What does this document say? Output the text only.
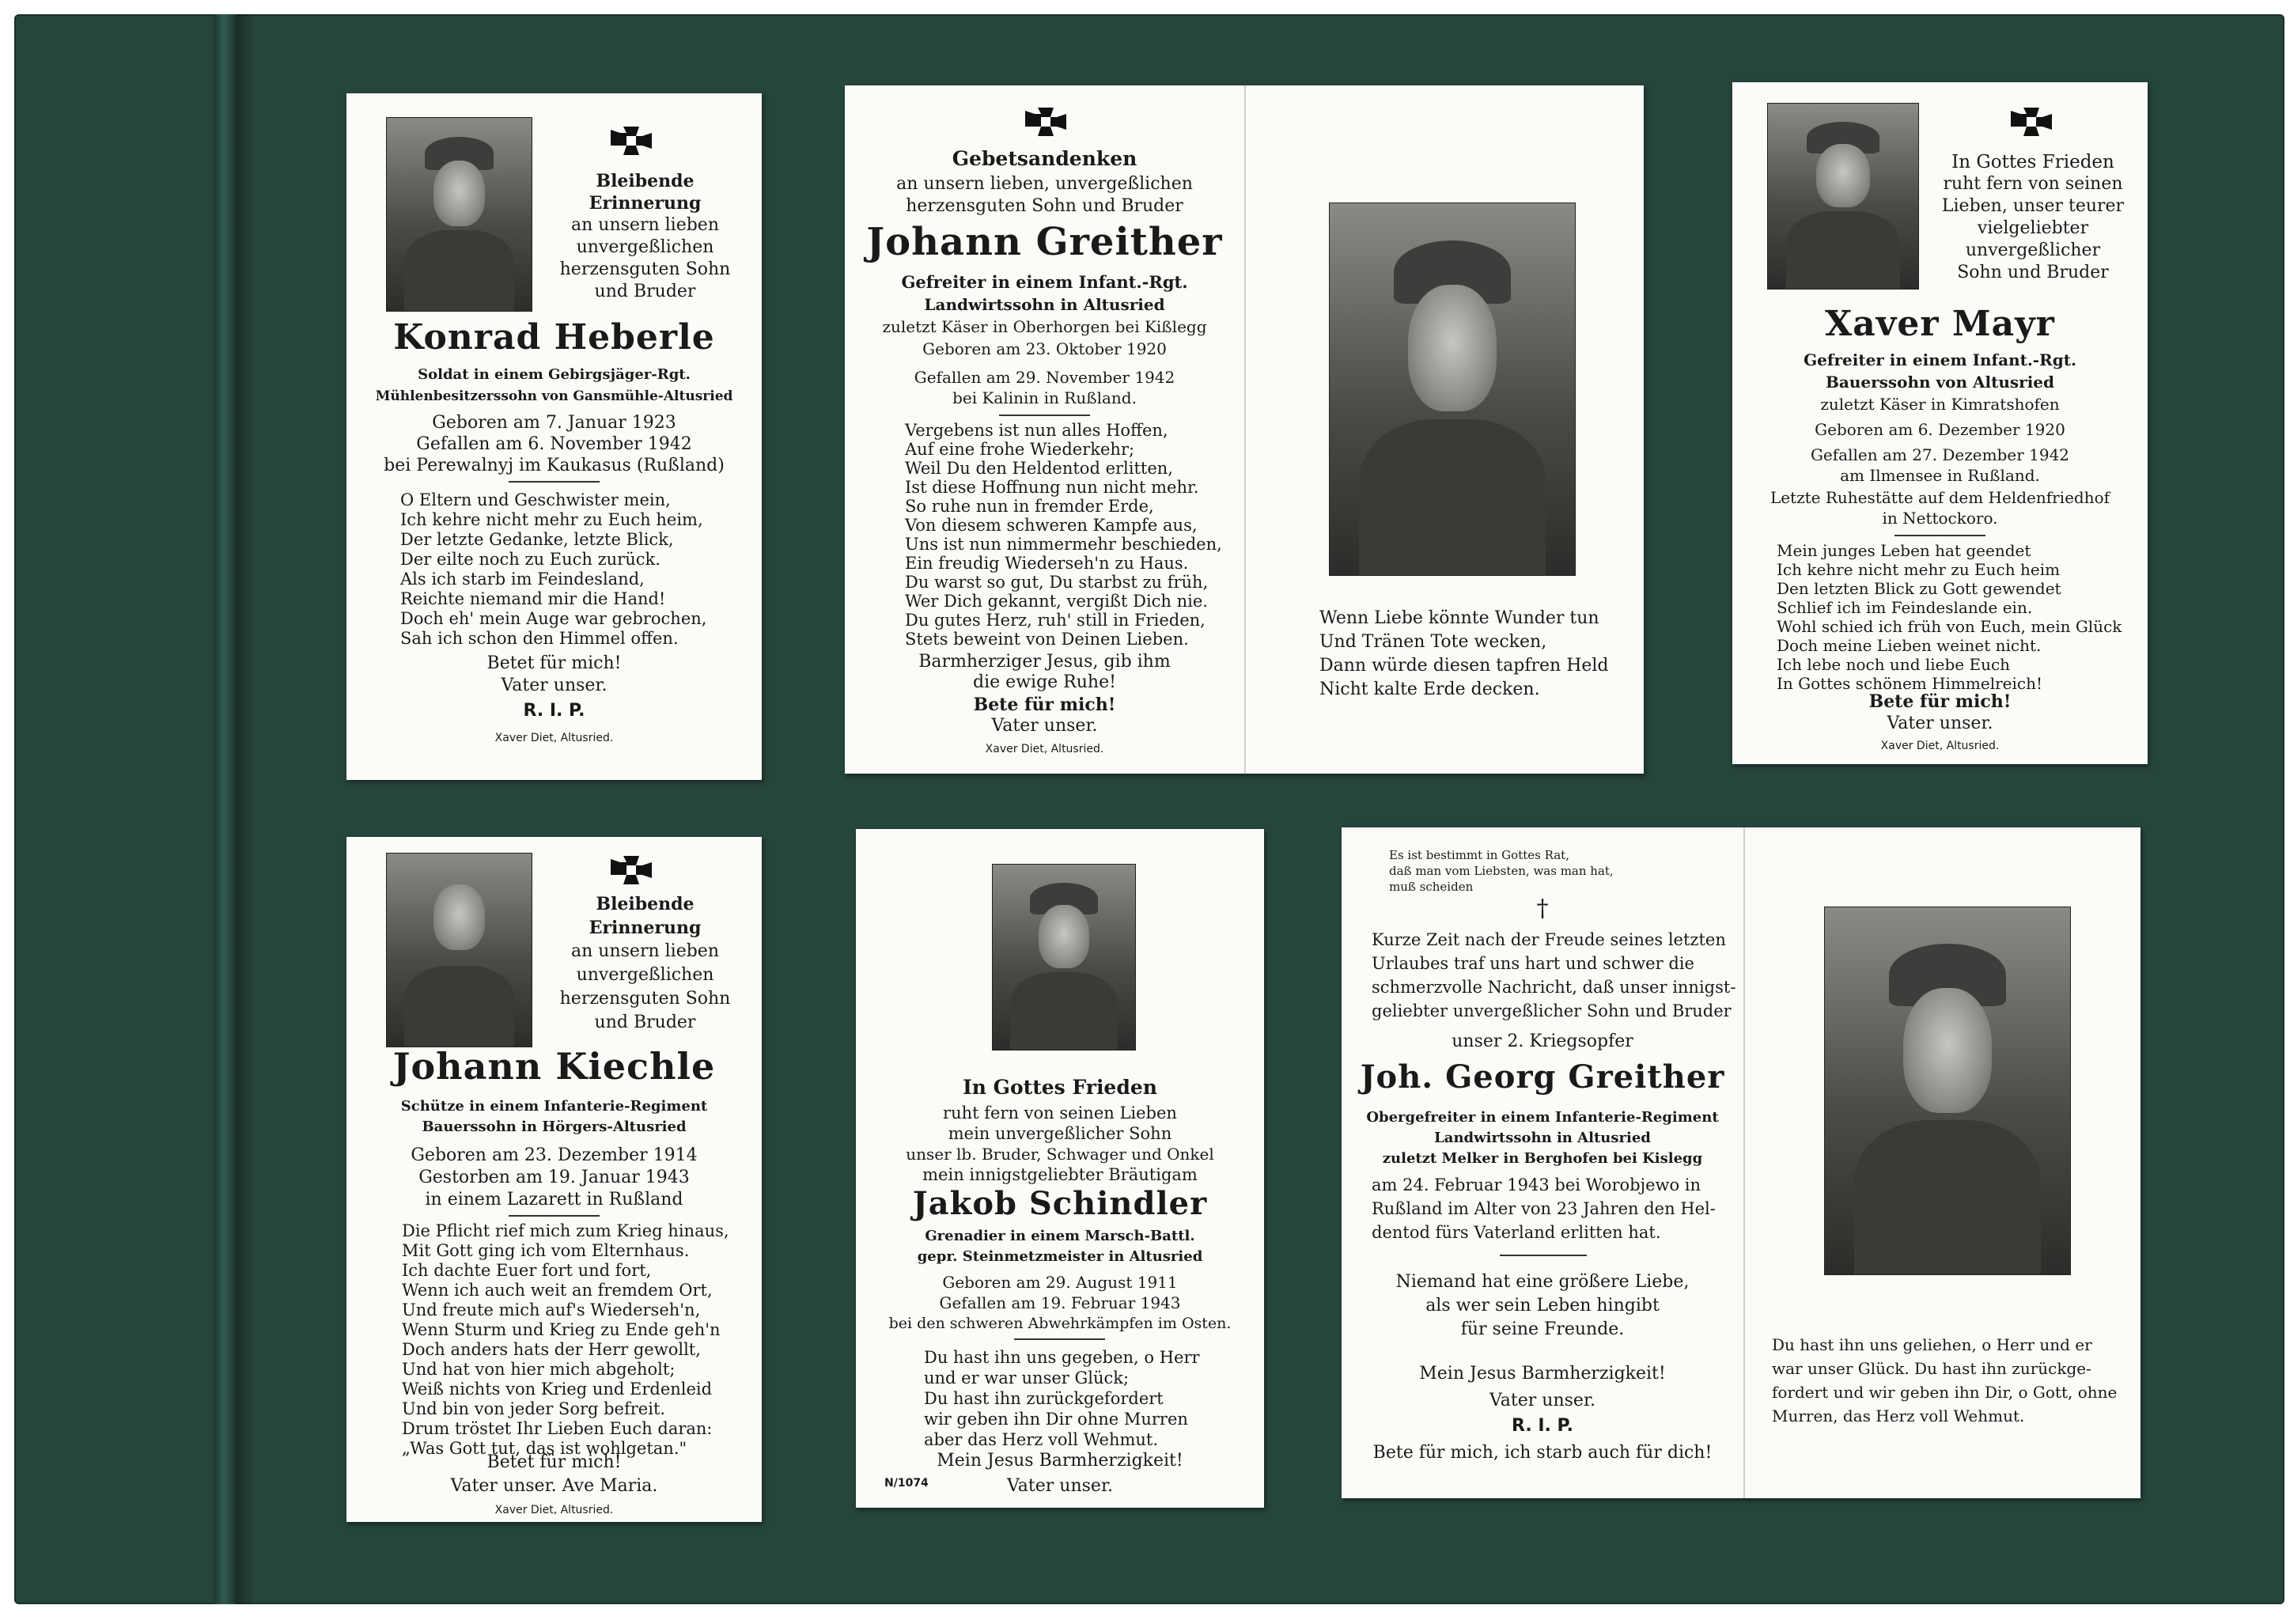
Bleibende
Erinnerung
an unsern lieben
unvergeßlichen
herzensguten Sohn
und Bruder
Konrad Heberle
Soldat in einem Gebirgsjäger-Rgt.
Mühlenbesitzerssohn von Gansmühle-Altusried
Geboren am 7. Januar 1923
Gefallen am 6. November 1942
bei Perewalnyj im Kaukasus (Rußland)
O Eltern und Geschwister mein,
Ich kehre nicht mehr zu Euch heim,
Der letzte Gedanke, letzte Blick,
Der eilte noch zu Euch zurück.
Als ich starb im Feindesland,
Reichte niemand mir die Hand!
Doch eh' mein Auge war gebrochen,
Sah ich schon den Himmel offen.
Betet für mich!
Vater unser.
R. I. P.
Xaver Diet, Altusried.
Gebetsandenken
an unsern lieben, unvergeßlichen
herzensguten Sohn und Bruder
Johann Greither
Gefreiter in einem Infant.-Rgt.
Landwirtssohn in Altusried
zuletzt Käser in Oberhorgen bei Kißlegg
Geboren am 23. Oktober 1920
Gefallen am 29. November 1942
bei Kalinin in Rußland.
Vergebens ist nun alles Hoffen,
Auf eine frohe Wiederkehr;
Weil Du den Heldentod erlitten,
Ist diese Hoffnung nun nicht mehr.
So ruhe nun in fremder Erde,
Von diesem schweren Kampfe aus,
Uns ist nun nimmermehr beschieden,
Ein freudig Wiederseh'n zu Haus.
Du warst so gut, Du starbst zu früh,
Wer Dich gekannt, vergißt Dich nie.
Du gutes Herz, ruh' still in Frieden,
Stets beweint von Deinen Lieben.
Barmherziger Jesus, gib ihm
die ewige Ruhe!
Bete für mich!
Vater unser.
Xaver Diet, Altusried.
Wenn Liebe könnte Wunder tun
Und Tränen Tote wecken,
Dann würde diesen tapfren Held
Nicht kalte Erde decken.
In Gottes Frieden
ruht fern von seinen
Lieben, unser teurer
vielgeliebter
unvergeßlicher
Sohn und Bruder
Xaver Mayr
Gefreiter in einem Infant.-Rgt.
Bauerssohn von Altusried
zuletzt Käser in Kimratshofen
Geboren am 6. Dezember 1920
Gefallen am 27. Dezember 1942
am Ilmensee in Rußland.
Letzte Ruhestätte auf dem Heldenfriedhof
in Nettockoro.
Mein junges Leben hat geendet
Ich kehre nicht mehr zu Euch heim
Den letzten Blick zu Gott gewendet
Schlief ich im Feindeslande ein.
Wohl schied ich früh von Euch, mein Glück
Doch meine Lieben weinet nicht.
Ich lebe noch und liebe Euch
In Gottes schönem Himmelreich!
Bete für mich!
Vater unser.
Xaver Diet, Altusried.
Bleibende
Erinnerung
an unsern lieben
unvergeßlichen
herzensguten Sohn
und Bruder
Johann Kiechle
Schütze in einem Infanterie-Regiment
Bauerssohn in Hörgers-Altusried
Geboren am 23. Dezember 1914
Gestorben am 19. Januar 1943
in einem Lazarett in Rußland
Die Pflicht rief mich zum Krieg hinaus,
Mit Gott ging ich vom Elternhaus.
Ich dachte Euer fort und fort,
Wenn ich auch weit an fremdem Ort,
Und freute mich auf's Wiederseh'n,
Wenn Sturm und Krieg zu Ende geh'n
Doch anders hats der Herr gewollt,
Und hat von hier mich abgeholt;
Weiß nichts von Krieg und Erdenleid
Und bin von jeder Sorg befreit.
Drum tröstet Ihr Lieben Euch daran:
„Was Gott tut, das ist wohlgetan."
Betet für mich!
Vater unser. Ave Maria.
Xaver Diet, Altusried.
In Gottes Frieden
ruht fern von seinen Lieben
mein unvergeßlicher Sohn
unser lb. Bruder, Schwager und Onkel
mein innigstgeliebter Bräutigam
Jakob Schindler
Grenadier in einem Marsch-Battl.
gepr. Steinmetzmeister in Altusried
Geboren am 29. August 1911
Gefallen am 19. Februar 1943
bei den schweren Abwehrkämpfen im Osten.
Du hast ihn uns gegeben, o Herr
und er war unser Glück;
Du hast ihn zurückgefordert
wir geben ihn Dir ohne Murren
aber das Herz voll Wehmut.
Mein Jesus Barmherzigkeit!
Vater unser.
N/1074
Es ist bestimmt in Gottes Rat,
daß man vom Liebsten, was man hat,
muß scheiden
†
Kurze Zeit nach der Freude seines letzten
Urlaubes traf uns hart und schwer die
schmerzvolle Nachricht, daß unser innigst-
geliebter unvergeßlicher Sohn und Bruder
unser 2. Kriegsopfer
Joh. Georg Greither
Obergefreiter in einem Infanterie-Regiment
Landwirtssohn in Altusried
zuletzt Melker in Berghofen bei Kislegg
am 24. Februar 1943 bei Worobjewo in
Rußland im Alter von 23 Jahren den Hel-
dentod fürs Vaterland erlitten hat.
Niemand hat eine größere Liebe,
als wer sein Leben hingibt
für seine Freunde.
Mein Jesus Barmherzigkeit!
Vater unser.
R. I. P.
Bete für mich, ich starb auch für dich!
Du hast ihn uns geliehen, o Herr und er
war unser Glück. Du hast ihn zurückge-
fordert und wir geben ihn Dir, o Gott, ohne
Murren, das Herz voll Wehmut.
